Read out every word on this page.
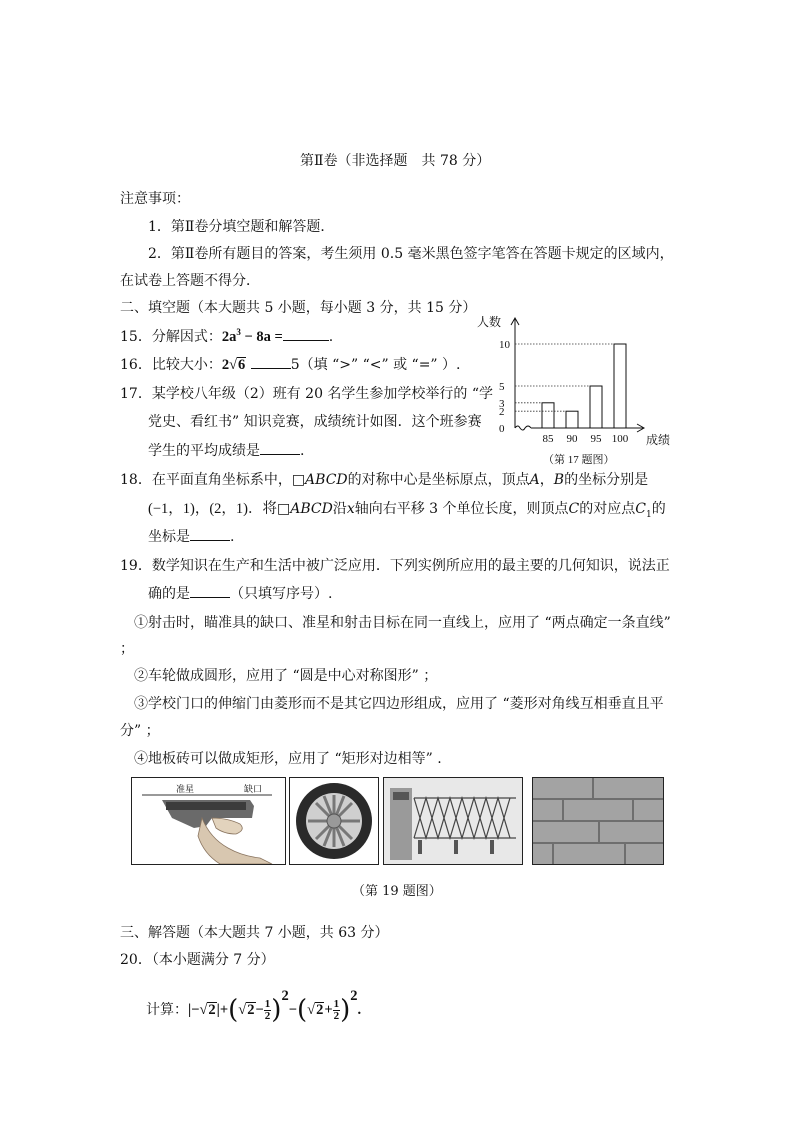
第Ⅱ卷（非选择题　共 78 分）
注意事项：
1．第Ⅱ卷分填空题和解答题．
2．第Ⅱ卷所有题目的答案，考生须用 0.5 毫米黑色签字笔答在答题卡规定的区域内，
在试卷上答题不得分．
二、填空题（本大题共 5 小题，每小题 3 分，共 15 分）
15．分解因式：$2a^3 - 8a$ =	.
16．比较大小：2√6	5（填 “>” “<” 或 “=” ）.
17．某学校八年级（2）班有 20 名学生参加学校举行的 “学
党史、看红书” 知识竞赛，成绩统计如图．这个班参赛
学生的平均成绩是	.
人数
成绩
0
2
3
5
10
85 90 95 100
（第 17 题图）
18．在平面直角坐标系中，□ABCD的对称中心是坐标原点，顶点A，B的坐标分别是
(−1，1)，(2，1)．将□ABCD沿x轴向右平移 3 个单位长度，则顶点C的对应点$C_1$的
坐标是	.
19．数学知识在生产和生活中被广泛应用．下列实例所应用的最主要的几何知识，说法正
确的是	（只填写序号）.
①射击时，瞄准具的缺口、准星和射击目标在同一直线上，应用了 “两点确定一条直线”
；
②车轮做成圆形，应用了 “圆是中心对称图形” ；
③学校门口的伸缩门由菱形而不是其它四边形组成，应用了 “菱形对角线互相垂直且平
分” ；
④地板砖可以做成矩形，应用了 “矩形对边相等” .
准星	缺口
（第 19 题图）
三、解答题（本大题共 7 小题，共 63 分）
20．（本小题满分 7 分）
计算：$|-√2|+(√2- \frac{1}{2} )^2-(√2+ \frac{1}{2} )^2$.
